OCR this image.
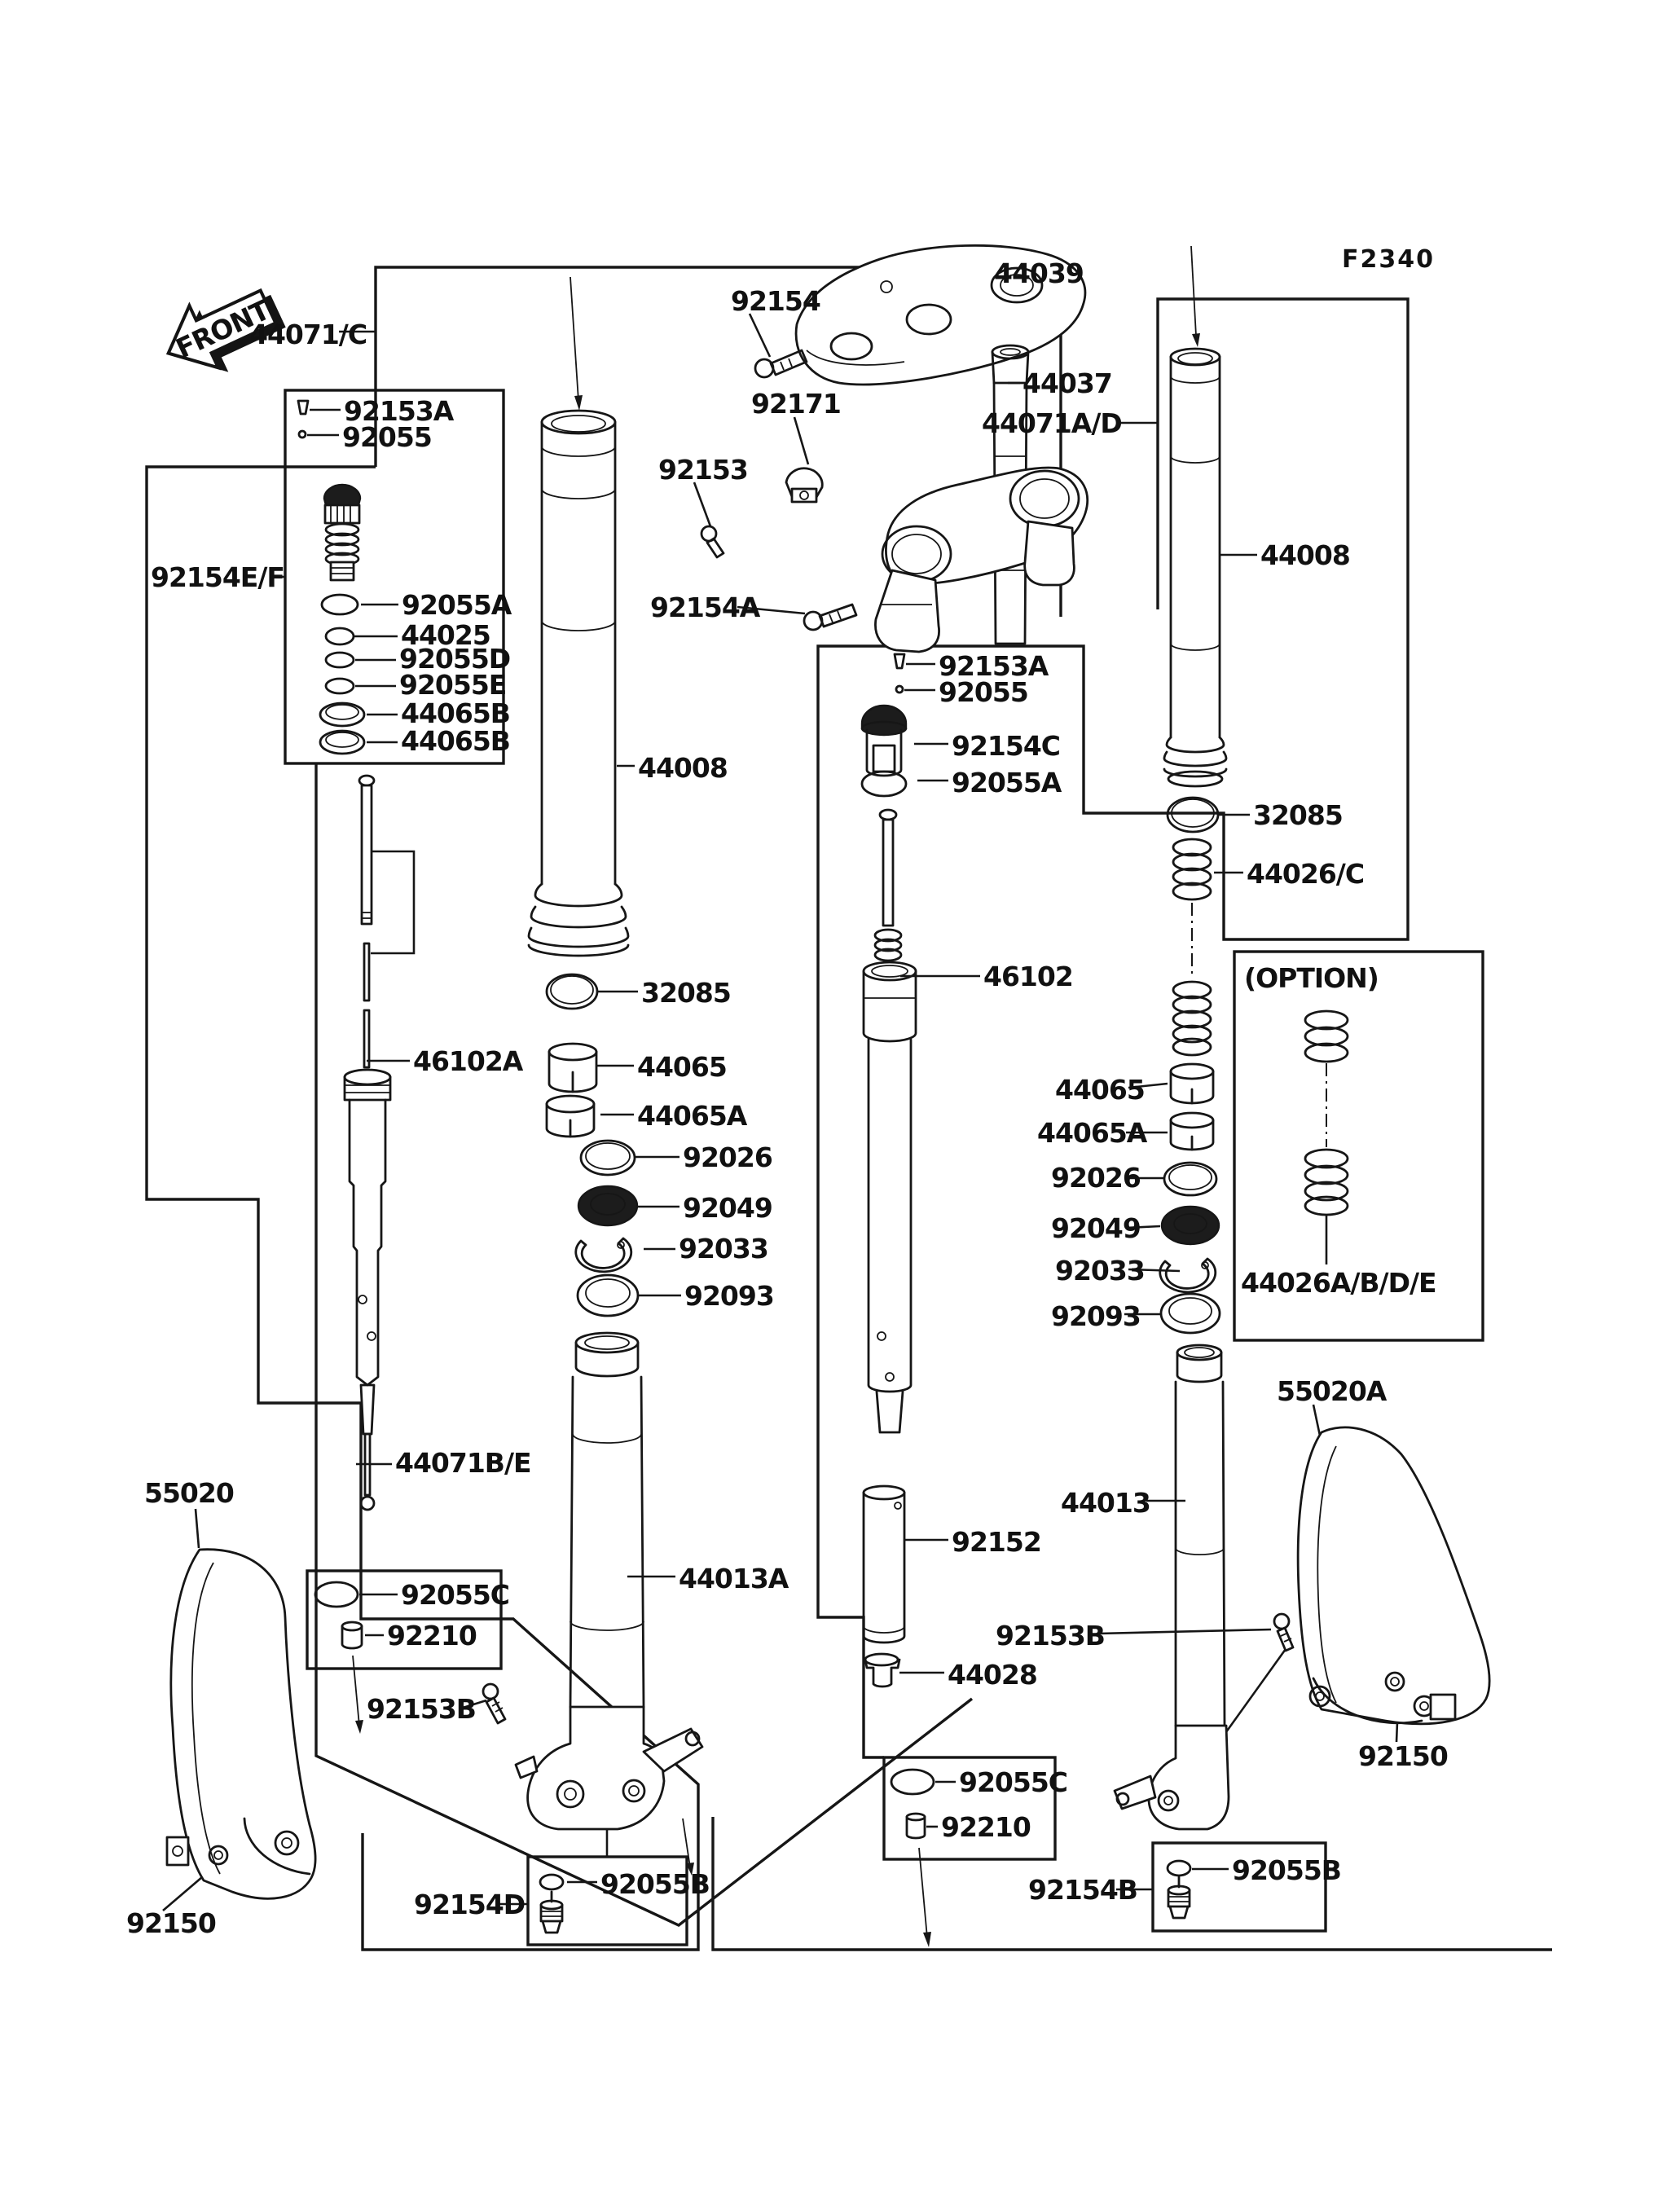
FRONT
F2340
44071/C
92154
44039
92171
92153
44037
44071A/D
92154A
44008
92153A
92055
92154E/F
92055A
44025
92055D
92055E
44065B
44065B
44008
32085
46102A	44065
44065A
92026
92049
92033
92093
92153A
92055
92154C
92055A
46102
32085
44026/C
(OPTION)
44026A/B/D/E
44065
44065A
92026
92049
92033
92093
44013
92152
44028
55020
55020A
44071B/E
92055C
92210
92153B
44013A
92154D
92055B
92150
92055C
92210
92154B
92055B
92153B
92150
